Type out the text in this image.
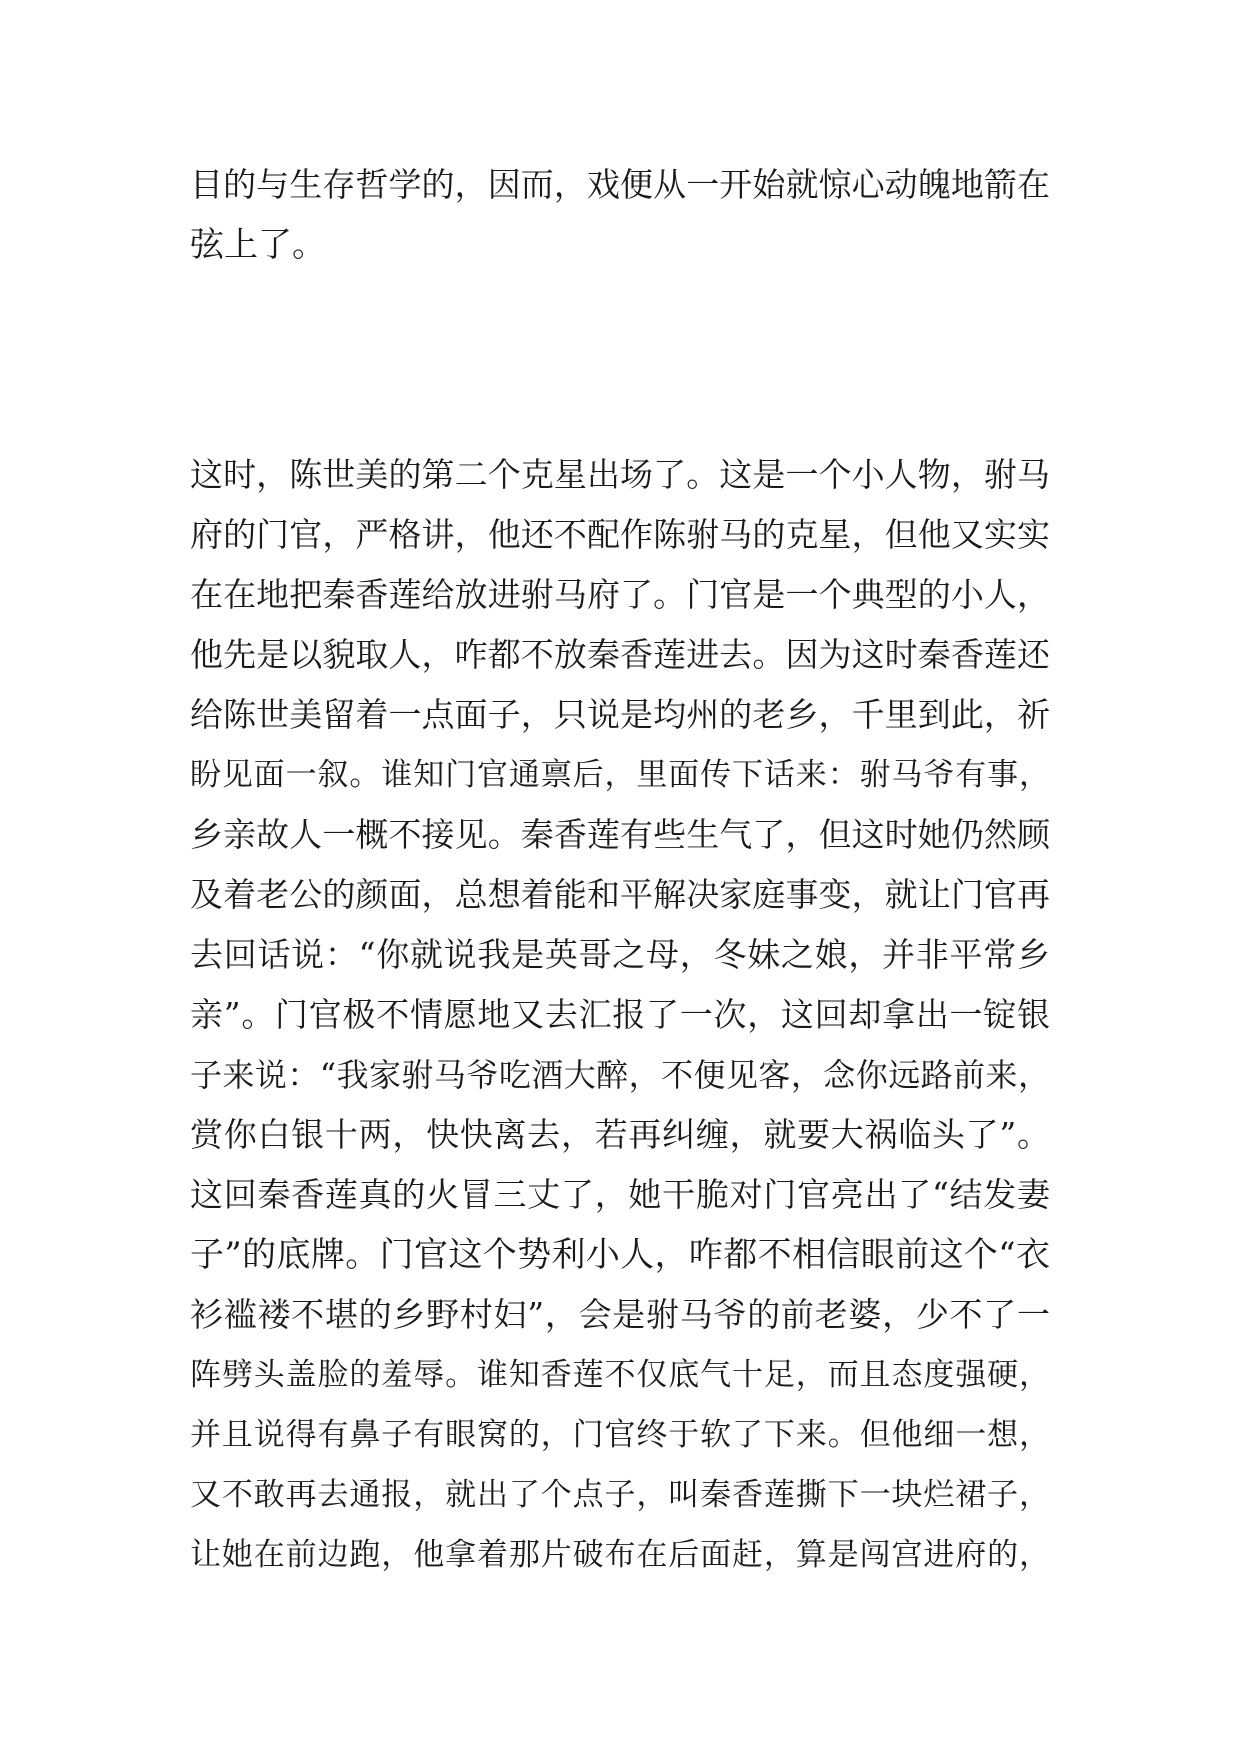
目的与生存哲学的，因而，戏便从一开始就惊心动魄地箭在
弦上了。
这时，陈世美的第二个克星出场了。这是一个小人物，驸马
府的门官，严格讲，他还不配作陈驸马的克星，但他又实实
在在地把秦香莲给放进驸马府了。门官是一个典型的小人，
他先是以貌取人，咋都不放秦香莲进去。因为这时秦香莲还
给陈世美留着一点面子，只说是均州的老乡，千里到此，祈
盼见面一叙。谁知门官通禀后，里面传下话来：驸马爷有事，
乡亲故人一概不接见。秦香莲有些生气了，但这时她仍然顾
及着老公的颜面，总想着能和平解决家庭事变，就让门官再
去回话说：“你就说我是英哥之母，冬妹之娘，并非平常乡
亲”。门官极不情愿地又去汇报了一次，这回却拿出一锭银
子来说：“我家驸马爷吃酒大醉，不便见客，念你远路前来，
赏你白银十两，快快离去，若再纠缠，就要大祸临头了”。
这回秦香莲真的火冒三丈了，她干脆对门官亮出了“结发妻
子”的底牌。门官这个势利小人，咋都不相信眼前这个“衣
衫褴褛不堪的乡野村妇”，会是驸马爷的前老婆，少不了一
阵劈头盖脸的羞辱。谁知香莲不仅底气十足，而且态度强硬，
并且说得有鼻子有眼窝的，门官终于软了下来。但他细一想，
又不敢再去通报，就出了个点子，叫秦香莲撕下一块烂裙子，
让她在前边跑，他拿着那片破布在后面赶，算是闯宫进府的，
